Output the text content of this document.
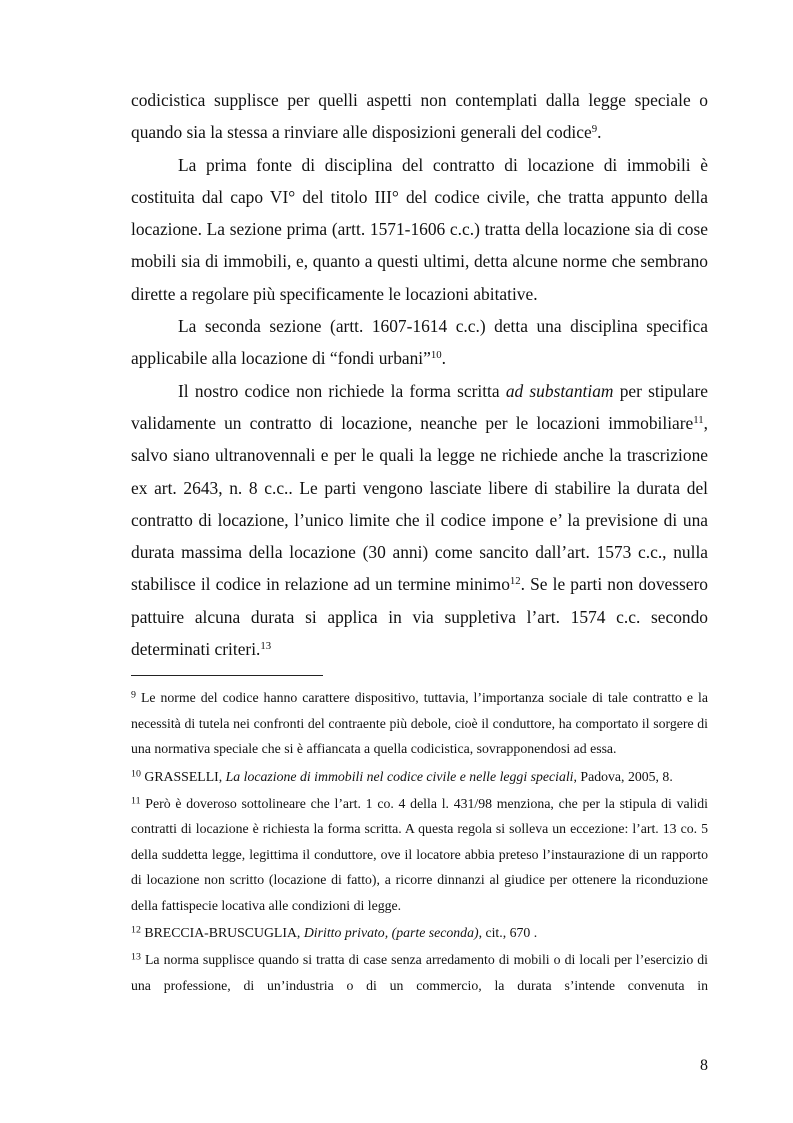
codicistica supplisce per quelli aspetti non contemplati dalla legge speciale o quando sia la stessa a rinviare alle disposizioni generali del codice$^9$.

La prima fonte di disciplina del contratto di locazione di immobili è costituita dal capo VI° del titolo III° del codice civile, che tratta appunto della locazione. La sezione prima (artt. 1571-1606 c.c.) tratta della locazione sia di cose mobili sia di immobili, e, quanto a questi ultimi, detta alcune norme che sembrano dirette a regolare più specificamente le locazioni abitative.

La seconda sezione (artt. 1607-1614 c.c.) detta una disciplina specifica applicabile alla locazione di “fondi urbani”$^{10}$.

Il nostro codice non richiede la forma scritta ad substantiam per stipulare validamente un contratto di locazione, neanche per le locazioni immobiliare$^{11}$, salvo siano ultranovennali e per le quali la legge ne richiede anche la trascrizione ex art. 2643, n. 8 c.c.. Le parti vengono lasciate libere di stabilire la durata del contratto di locazione, l’unico limite che il codice impone e’ la previsione di una durata massima della locazione (30 anni) come sancito dall’art. 1573 c.c., nulla stabilisce il codice in relazione ad un termine minimo$^{12}$. Se le parti non dovessero pattuire alcuna durata si applica in via suppletiva l’art. 1574 c.c. secondo determinati criteri.$^{13}$

$^9$ Le norme del codice hanno carattere dispositivo, tuttavia, l’importanza sociale di tale contratto e la necessità di tutela nei confronti del contraente più debole, cioè il conduttore, ha comportato il sorgere di una normativa speciale che si è affiancata a quella codicistica, sovrapponendosi ad essa.

$^{10}$ GRASSELLI, La locazione di immobili nel codice civile e nelle leggi speciali, Padova, 2005, 8.

$^{11}$ Però è doveroso sottolineare che l’art. 1 co. 4 della l. 431/98 menziona, che per la stipula di validi contratti di locazione è richiesta la forma scritta. A questa regola si solleva un eccezione: l’art. 13 co. 5 della suddetta legge, legittima il conduttore, ove il locatore abbia preteso l’instaurazione di un rapporto di locazione non scritto (locazione di fatto), a ricorre dinnanzi al giudice per ottenere la riconduzione della fattispecie locativa alle condizioni di legge.

$^{12}$ BRECCIA-BRUSCUGLIA, Diritto privato, (parte seconda), cit., 670 .

$^{13}$ La norma supplisce quando si tratta di case senza arredamento di mobili o di locali per l’esercizio di una professione, di un’industria o di un commercio, la durata s’intende convenuta in

8
